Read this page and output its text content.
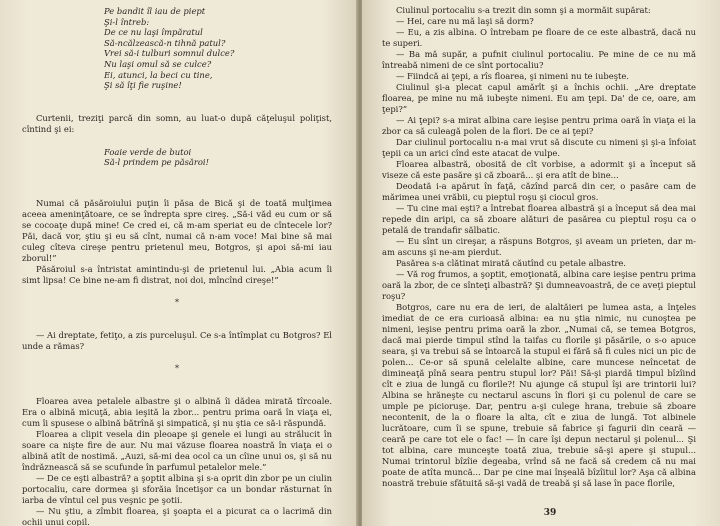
Pe bandit îl iau de piept
Şi-l întreb:
De ce nu laşi împăratul
Să-ncălzească-n tihnă patul?
Vrei să-i tulburi somnul dulce?
Nu laşi omul să se culce?
Ei, atunci, la beci cu tine,
Şi să îţi fie ruşine!

Curtenii, treziţi parcă din somn, au luat-o după căţeluşul poliţist, cîntind şi ei:

Foaie verde de butoi
Să-l prindem pe păsăroi!

Numai că păsăroiului puţin îi păsa de Bică şi de toată mulţimea aceea ameninţătoare, ce se îndrepta spre cireş. „Să-i văd eu cum or să se cocoaţe după mine! Ce cred ei, că m-am speriat eu de cîntecele lor? Păi, dacă vor, ştiu şi eu să cînt, numai că n-am voce! Mai bine să mai culeg cîteva cireşe pentru prietenul meu, Botgros, şi apoi să-mi iau zborul!”

Păsăroiul s-a întristat amintindu-şi de prietenul lui. „Abia acum îi simt lipsa! Ce bine ne-am fi distrat, noi doi, mîncînd cireşe!”

*

— Ai dreptate, fetiţo, a zis purceluşul. Ce s-a întîmplat cu Botgros? El unde a rămas?

*

Floarea avea petalele albastre şi o albină îi dădea mirată tîrcoale. Era o albină micuţă, abia ieşită la zbor... pentru prima oară în viaţa ei, cum îi spusese o albină bătrînă şi simpatică, şi nu ştia ce să-i răspundă.

Floarea a clipit vesela din pleoape şi genele ei lungi au strălucit în soare ca nişte fire de aur. Nu mai văzuse floarea noastră în viaţa ei o albină atît de nostimă. „Auzi, să-mi dea ocol ca un cîine unui os, şi să nu îndrăznească să se scufunde în parfumul petalelor mele.”

— De ce eşti albastră? a şoptit albina şi s-a oprit din zbor pe un ciulin portocaliu, care dormea şi sforăia încetişor ca un bondar răsturnat în iarba de vîntul cel pus veşnic pe şotii.

— Nu ştiu, a zîmbit floarea, şi şoapta ei a picurat ca o lacrimă din ochii unui copil.

Ciulinul portocaliu s-a trezit din somn şi a mormăit supărat:

— Hei, care nu mă laşi să dorm?

— Eu, a zis albina. O întrebam pe floare de ce este albastră, dacă nu te superi.

— Ba mă supăr, a pufnit ciulinul portocaliu. Pe mine de ce nu mă întreabă nimeni de ce sînt portocaliu?

— Fiindcă ai ţepi, a rîs floarea, şi nimeni nu te iubeşte.

Ciulinul şi-a plecat capul amărît şi a închis ochii. „Are dreptate floarea, pe mine nu mă iubeşte nimeni. Eu am ţepi. Da' de ce, oare, am ţepi?”

— Ai ţepi? s-a mirat albina care ieşise pentru prima oară în viaţa ei la zbor ca să culeagă polen de la flori. De ce ai ţepi?

Dar ciulinul portocaliu n-a mai vrut să discute cu nimeni şi şi-a înfoiat ţepii ca un arici cînd este atacat de vulpe.

Floarea albastră, obosită de cît vorbise, a adormit şi a început să viseze că este pasăre şi că zboară... şi era atît de bine...

Deodată i-a apărut în faţă, căzînd parcă din cer, o pasăre cam de mărimea unei vrăbii, cu pieptul roşu şi ciocul gros.

— Tu cine mai eşti? a întrebat floarea albastră şi a început să dea mai repede din aripi, ca să zboare alături de pasărea cu pieptul roşu ca o petală de trandafir sălbatic.

— Eu sînt un cireşar, a răspuns Botgros, şi aveam un prieten, dar m-am ascuns şi ne-am pierdut.

Pasărea s-a clătinat mirată căutînd cu petale albastre.

— Vă rog frumos, a şoptit, emoţionată, albina care ieşise pentru prima oară la zbor, de ce sînteţi albastră? Şi dumneavoastră, de ce aveţi pieptul roşu?

Botgros, care nu era de ieri, de alaltăieri pe lumea asta, a înţeles imediat de ce era curioasă albina: ea nu ştia nimic, nu cunoştea pe nimeni, ieşise pentru prima oară la zbor. „Numai că, se temea Botgros, dacă mai pierde timpul stînd la taifas cu florile şi păsările, o s-o apuce seara, şi va trebui să se întoarcă la stupul ei fără să fi cules nici un pic de polen... Ce-or să spună celelalte albine, care muncese neîncetat de dimineaţă pînă seara pentru stupul lor? Păi! Să-şi piardă timpul bîzîind cît e ziua de lungă cu florile?! Nu ajunge că stupul îşi are trintorii lui? Albina se hrăneşte cu nectarul ascuns în flori şi cu polenul de care se umple pe picioruşe. Dar, pentru a-şi culege hrana, trebuie să zboare necontenit, de la o floare la alta, cît e ziua de lungă. Tot albinele lucrătoare, cum îi se spune, trebuie să fabrice şi fagurii din ceară — ceară pe care tot ele o fac! — în care îşi depun nectarul şi polenul... Şi tot albina, care munceşte toată ziua, trebuie să-şi apere şi stupul... Numai trintorul bîzîie degeaba, vrînd să ne facă să credem că nu mai poate de atîta muncă... Dar pe cine mai înşeală bîzîitul lor? Aşa că albina noastră trebuie sfătuită să-şi vadă de treabă şi să lase în pace florile,

39
